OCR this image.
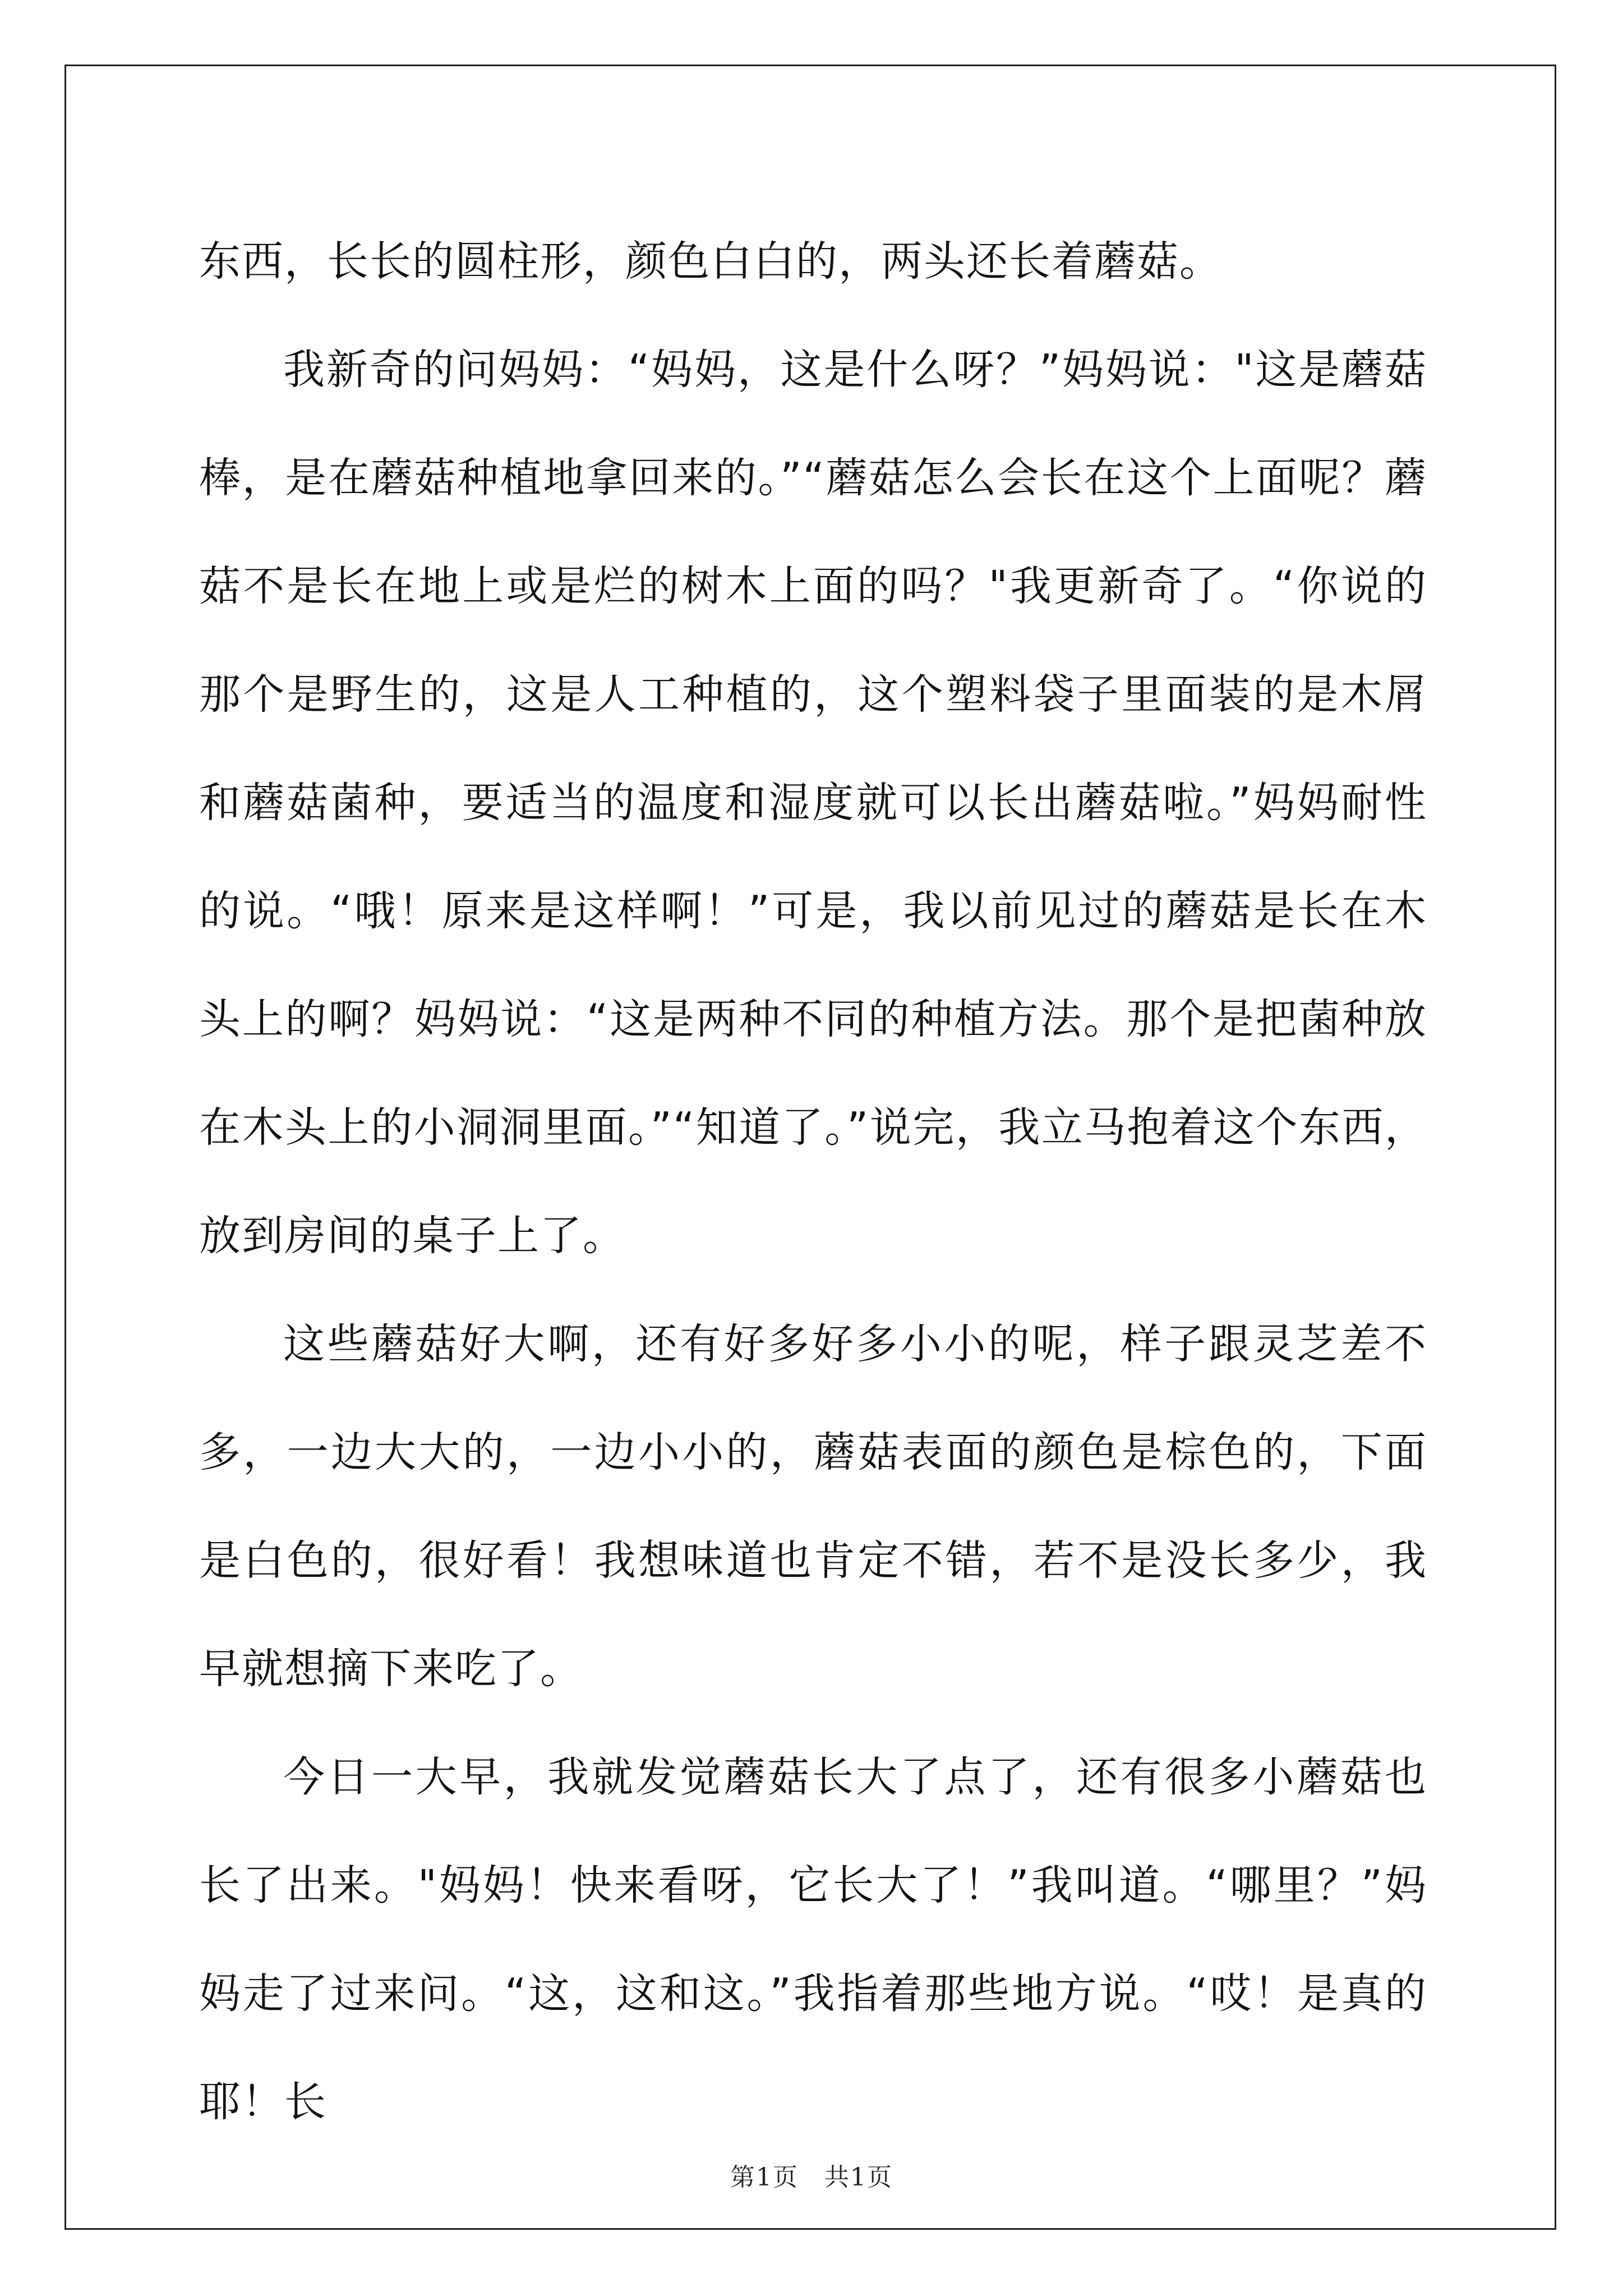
东西，长长的圆柱形，颜色白白的，两头还长着蘑菇。

我新奇的问妈妈：“妈妈，这是什么呀？”妈妈说："这是蘑菇棒，是在蘑菇种植地拿回来的。”“蘑菇怎么会长在这个上面呢？蘑菇不是长在地上或是烂的树木上面的吗？"我更新奇了。“你说的那个是野生的，这是人工种植的，这个塑料袋子里面装的是木屑和蘑菇菌种，要适当的温度和湿度就可以长出蘑菇啦。”妈妈耐性的说。“哦！原来是这样啊！”可是，我以前见过的蘑菇是长在木头上的啊？妈妈说：“这是两种不同的种植方法。那个是把菌种放在木头上的小洞洞里面。”“知道了。”说完，我立马抱着这个东西，放到房间的桌子上了。

这些蘑菇好大啊，还有好多好多小小的呢，样子跟灵芝差不多，一边大大的，一边小小的，蘑菇表面的颜色是棕色的，下面是白色的，很好看！我想味道也肯定不错，若不是没长多少，我早就想摘下来吃了。

今日一大早，我就发觉蘑菇长大了点了，还有很多小蘑菇也长了出来。"妈妈！快来看呀，它长大了！”我叫道。“哪里？”妈妈走了过来问。“这，这和这。”我指着那些地方说。“哎！是真的耶！长

第1页 共1页
